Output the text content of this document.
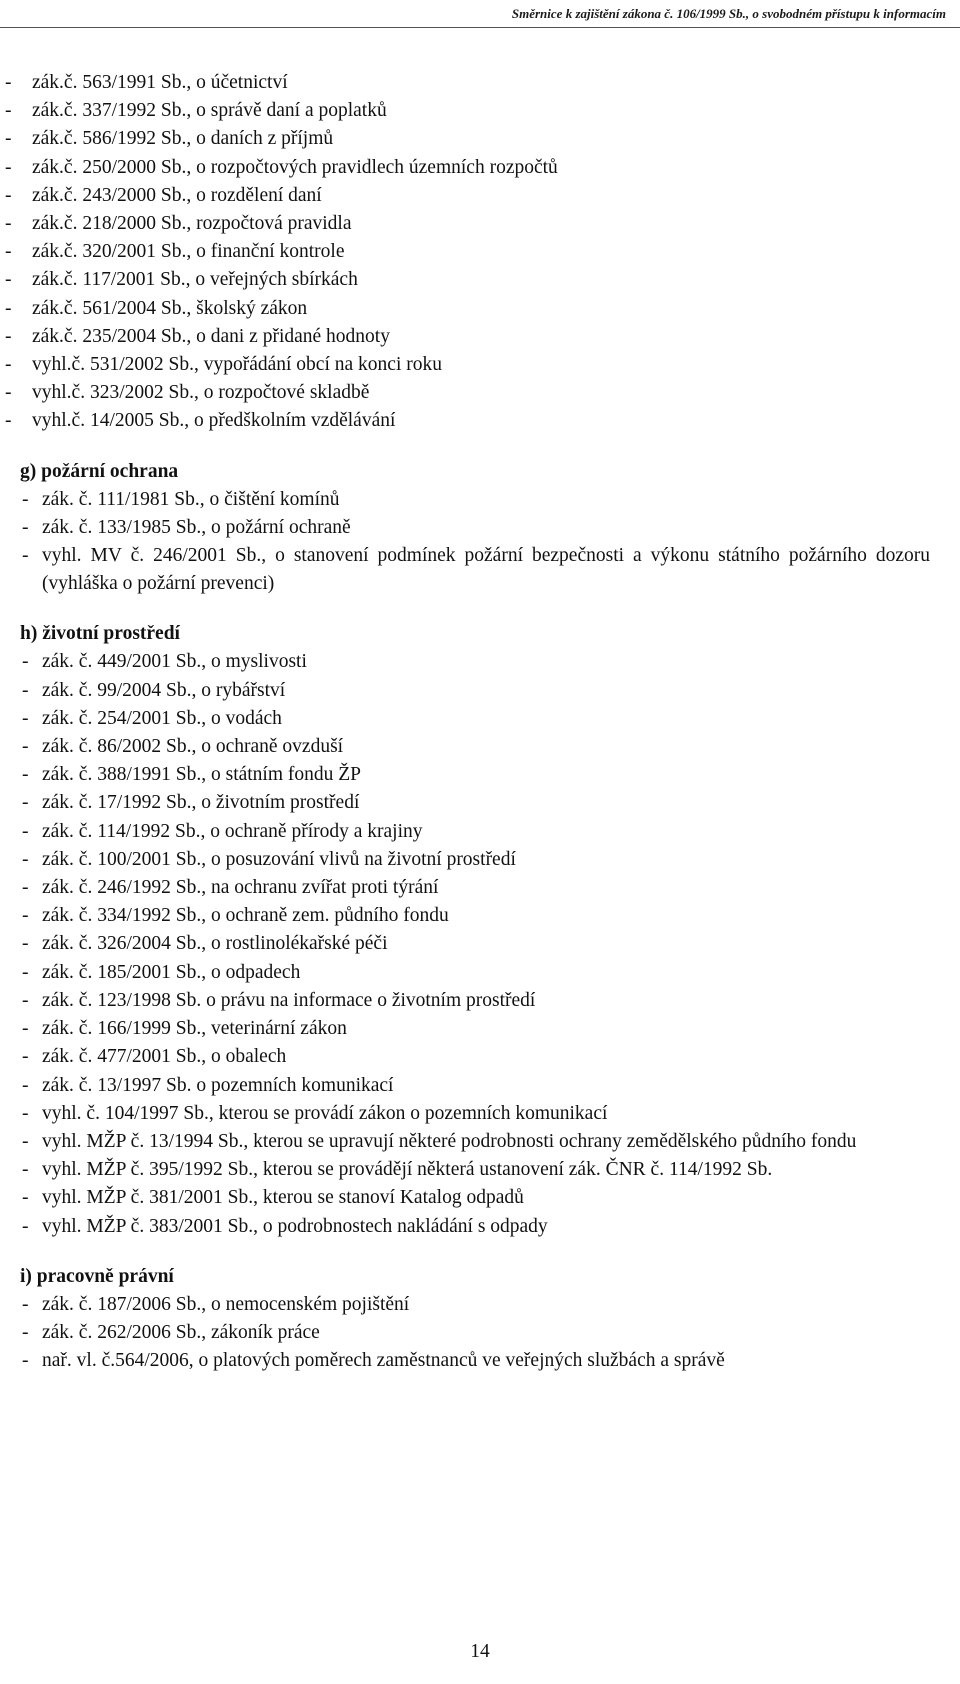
Směrnice k zajištění zákona č. 106/1999 Sb., o svobodném přístupu k informacím
- zák.č. 563/1991 Sb., o účetnictví
- zák.č. 337/1992 Sb., o správě daní a poplatků
- zák.č. 586/1992 Sb., o daních z příjmů
- zák.č. 250/2000 Sb., o rozpočtových pravidlech územních rozpočtů
- zák.č. 243/2000 Sb., o rozdělení daní
- zák.č. 218/2000 Sb., rozpočtová pravidla
- zák.č. 320/2001 Sb., o finanční kontrole
- zák.č. 117/2001 Sb., o veřejných sbírkách
- zák.č. 561/2004 Sb., školský zákon
- zák.č. 235/2004 Sb., o dani z přidané hodnoty
- vyhl.č. 531/2002 Sb., vypořádání obcí na konci roku
- vyhl.č. 323/2002 Sb., o rozpočtové skladbě
- vyhl.č. 14/2005 Sb., o předškolním vzdělávání
g) požární ochrana
- zák. č. 111/1981 Sb., o čištění komínů
- zák. č. 133/1985 Sb., o požární ochraně
- vyhl. MV č. 246/2001 Sb., o stanovení podmínek požární bezpečnosti a výkonu státního požárního dozoru (vyhláška o požární prevenci)
h) životní prostředí
- zák. č. 449/2001 Sb., o myslivosti
- zák. č. 99/2004 Sb., o rybářství
- zák. č. 254/2001 Sb., o vodách
- zák. č. 86/2002 Sb., o ochraně ovzduší
- zák. č. 388/1991 Sb., o státním fondu ŽP
- zák. č. 17/1992 Sb., o životním prostředí
- zák. č. 114/1992 Sb., o ochraně přírody a krajiny
- zák. č. 100/2001 Sb., o posuzování vlivů na životní prostředí
- zák. č. 246/1992 Sb., na ochranu zvířat proti týrání
- zák. č. 334/1992 Sb., o ochraně zem. půdního fondu
- zák. č. 326/2004 Sb., o rostlinolékařské péči
- zák. č. 185/2001 Sb., o odpadech
- zák. č. 123/1998 Sb. o právu na informace o životním prostředí
- zák. č. 166/1999 Sb., veterinární zákon
- zák. č. 477/2001 Sb., o obalech
- zák. č. 13/1997 Sb. o pozemních komunikací
- vyhl. č. 104/1997 Sb., kterou se provádí zákon o pozemních komunikací
- vyhl. MŽP č. 13/1994 Sb., kterou se upravují některé podrobnosti ochrany zemědělského půdního fondu
- vyhl. MŽP č. 395/1992 Sb., kterou se provádějí některá ustanovení zák. ČNR č. 114/1992 Sb.
- vyhl. MŽP č. 381/2001 Sb., kterou se stanoví Katalog odpadů
- vyhl. MŽP č. 383/2001 Sb., o podrobnostech nakládání s odpady
i) pracovně právní
- zák. č. 187/2006 Sb., o nemocenském pojištění
- zák. č. 262/2006 Sb., zákoník práce
- nař. vl. č.564/2006, o platových poměrech zaměstnanců ve veřejných službách a správě
14
